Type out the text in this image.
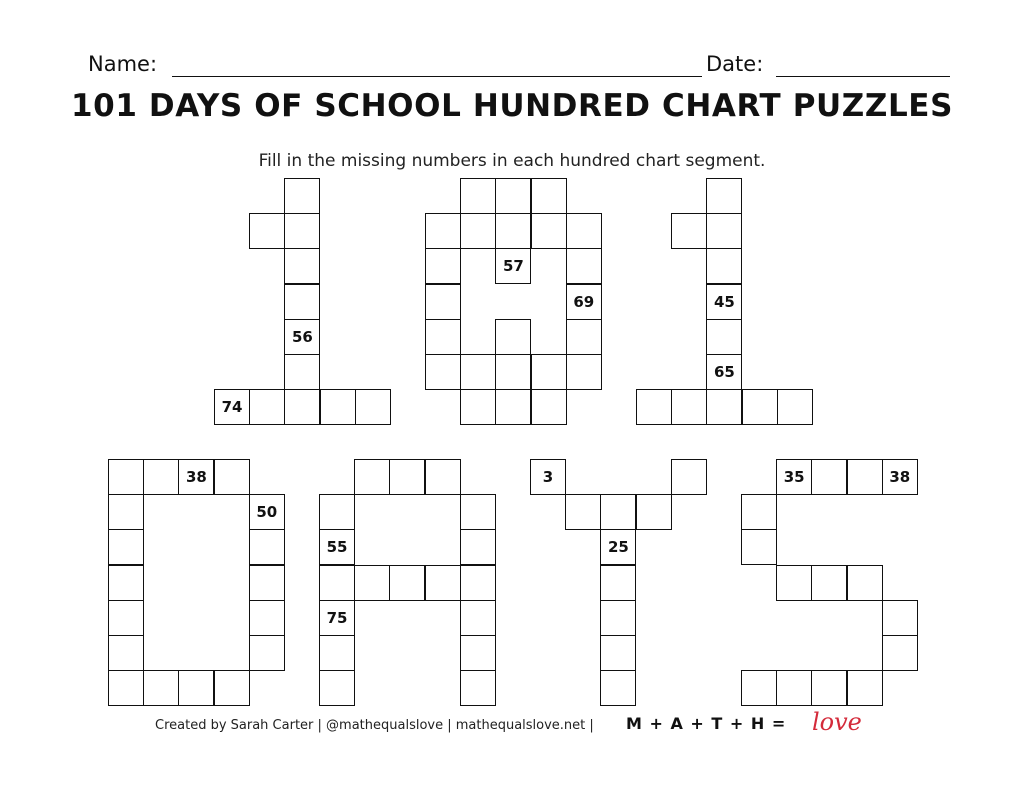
Name:	Date:
101 DAYS OF SCHOOL HUNDRED CHART PUZZLES
Fill in the missing numbers in each hundred chart segment.
56
74
57
69	45
65
38
50
55
75
3
25
35	38
Created by Sarah Carter | @mathequalslove | mathequalslove.net | M + A + T + H = love
